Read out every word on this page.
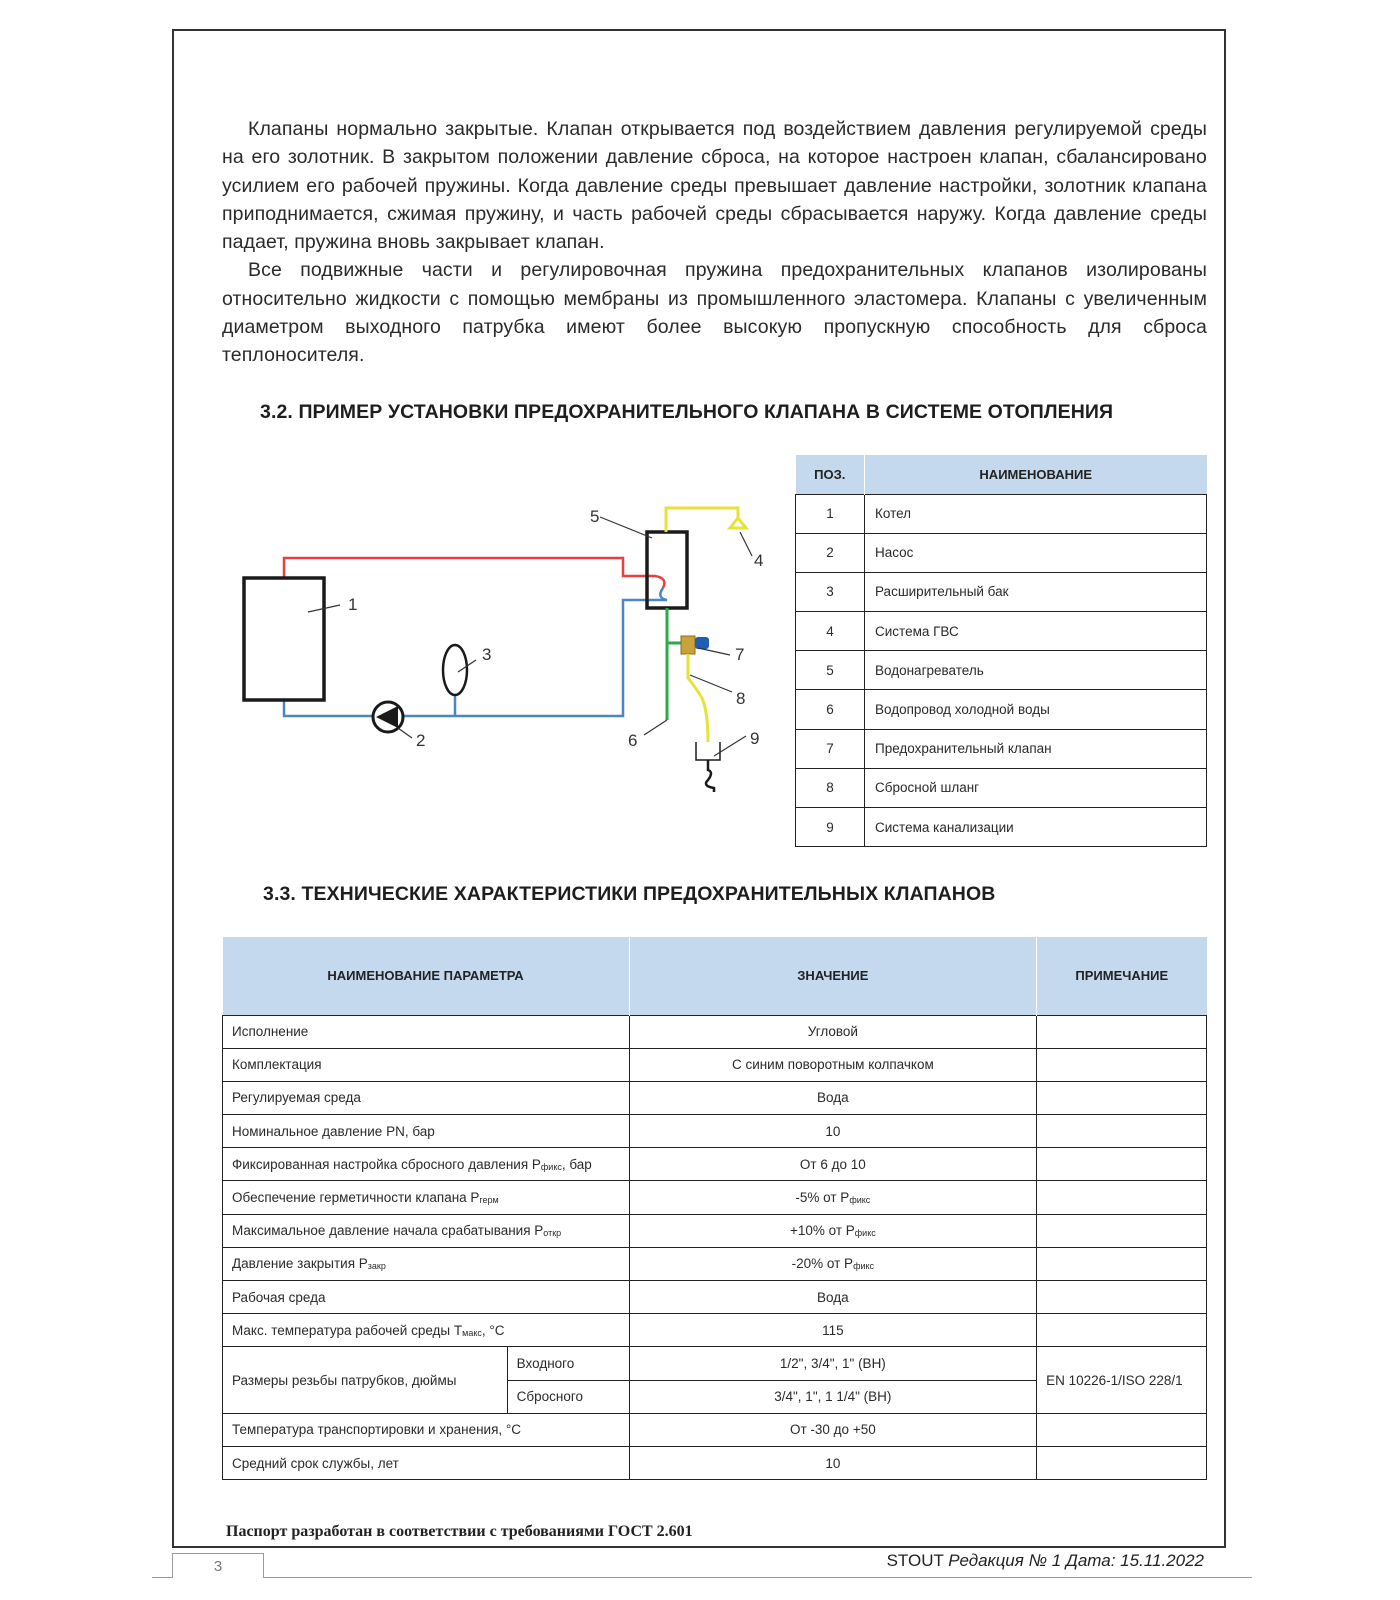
Клапаны нормально закрытые. Клапан открывается под воздействием давления регулируемой среды на его золотник. В закрытом положении давление сброса, на которое настроен клапан, сбалансировано усилием его рабочей пружины. Когда давление среды превышает давление настройки, золотник клапана приподнимается, сжимая пружину, и часть рабочей среды сбрасывается наружу. Когда давление среды падает, пружина вновь закрывает клапан.

Все подвижные части и регулировочная пружина предохранительных клапанов изолированы относительно жидкости с помощью мембраны из промышленного эластомера. Клапаны с увеличенным диаметром выходного патрубка имеют более высокую пропускную способность для сброса теплоносителя.

3.2. ПРИМЕР УСТАНОВКИ ПРЕДОХРАНИТЕЛЬНОГО КЛАПАНА В СИСТЕМЕ ОТОПЛЕНИЯ
1
2
3
5
4
6
7
8
9
ПОЗ.	НАИМЕНОВАНИЕ
1	Котел
2	Насос
3	Расширительный бак
4	Система ГВС
5	Водонагреватель
6	Водопровод холодной воды
7	Предохранительный клапан
8	Сбросной шланг
9	Система канализации
3.3. ТЕХНИЧЕСКИЕ ХАРАКТЕРИСТИКИ ПРЕДОХРАНИТЕЛЬНЫХ КЛАПАНОВ
НАИМЕНОВАНИЕ ПАРАМЕТРА		ЗНАЧЕНИЕ	ПРИМЕЧАНИЕ
Исполнение		Угловой	
Комплектация		С синим поворотным колпачком	
Регулируемая среда		Вода	
Номинальное давление PN, бар		10	
Фиксированная настройка сбросного давления $P_{фикс}$, бар		От 6 до 10	
Обеспечение герметичности клапана $P_{герм}$		-5% от $P_{фикс}$	
Максимальное давление начала срабатывания $P_{откр}$		+10% от $P_{фикс}$	
Давление закрытия $P_{закр}$		-20% от $P_{фикс}$	
Рабочая среда		Вода	
Макс. температура рабочей среды $T_{макс}$, °С		115	
Размеры резьбы патрубков, дюймы	Входного	1/2", 3/4", 1" (ВН)	EN 10226-1/ISO 228/1
	Сбросного	3/4", 1", 1 1/4" (ВН)	
Температура транспортировки и хранения, °С		От -30 до +50	
Средний срок службы, лет		10	
Паспорт разработан в соответствии с требованиями ГОСТ 2.601
STOUT Редакция № 1 Дата: 15.11.2022
3
